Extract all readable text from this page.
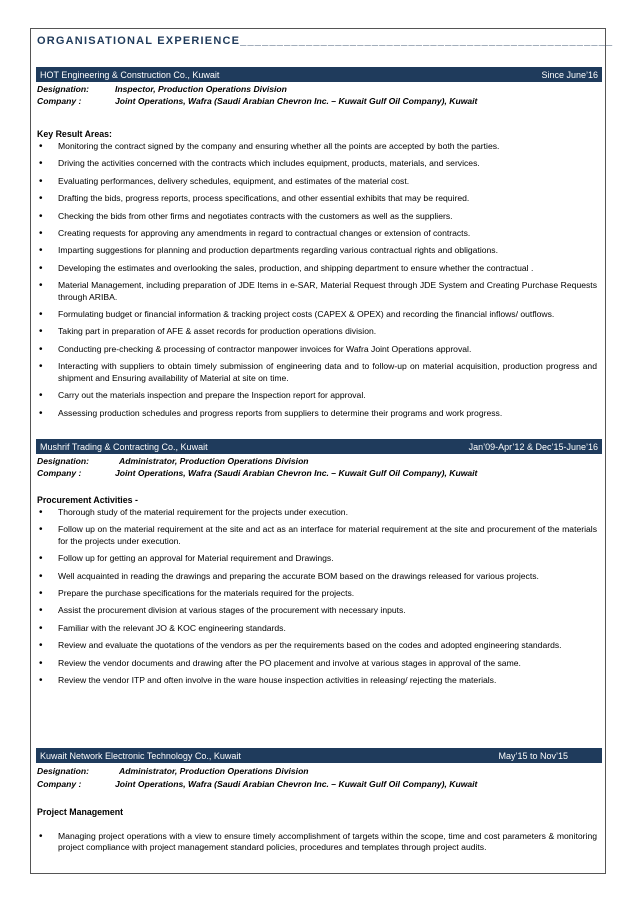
ORGANISATIONAL EXPERIENCE___________________________________________________
HOT Engineering & Construction Co., Kuwait	Since June’16
Designation:	Inspector, Production Operations Division
Company :	Joint Operations, Wafra (Saudi Arabian Chevron Inc. – Kuwait Gulf Oil Company), Kuwait
Key Result Areas:

• Monitoring the contract signed by the company and ensuring whether all the points are accepted by both the parties.

• Driving the activities concerned with the contracts which includes equipment, products, materials, and services.

• Evaluating performances, delivery schedules, equipment, and estimates of the material cost.

• Drafting the bids, progress reports, process specifications, and other essential exhibits that may be required.

• Checking the bids from other firms and negotiates contracts with the customers as well as the suppliers.

• Creating requests for approving any amendments in regard to contractual changes or extension of contracts.

• Imparting suggestions for planning and production departments regarding various contractual rights and obligations.

• Developing the estimates and overlooking the sales, production, and shipping department to ensure whether the contractual .

• Material Management, including preparation of JDE Items in e-SAR, Material Request through JDE System and Creating Purchase Requests through ARIBA.

• Formulating budget or financial information & tracking project costs (CAPEX & OPEX) and recording the financial inflows/ outflows.

• Taking part in preparation of AFE & asset records for production operations division.

• Conducting pre-checking & processing of contractor manpower invoices for Wafra Joint Operations approval.

• Interacting with suppliers to obtain timely submission of engineering data and to follow-up on material acquisition, production progress and shipment and Ensuring availability of Material at site on time.

• Carry out the materials inspection and prepare the Inspection report for approval.

• Assessing production schedules and progress reports from suppliers to determine their programs and work progress.

Mushrif Trading & Contracting Co., Kuwait	Jan’09-Apr’12 & Dec’15-June’16
Designation:	Administrator, Production Operations Division
Company :	Joint Operations, Wafra (Saudi Arabian Chevron Inc. – Kuwait Gulf Oil Company), Kuwait
Procurement Activities -

• Thorough study of the material requirement for the projects under execution.

• Follow up on the material requirement at the site and act as an interface for material requirement at the site and procurement of the materials for the projects under execution.

• Follow up for getting an approval for Material requirement and Drawings.

• Well acquainted in reading the drawings and preparing the accurate BOM based on the drawings released for various projects.

• Prepare the purchase specifications for the materials required for the projects.

• Assist the procurement division at various stages of the procurement with necessary inputs.

• Familiar with the relevant JO & KOC engineering standards.

• Review and evaluate the quotations of the vendors as per the requirements based on the codes and adopted engineering standards.

• Review the vendor documents and drawing after the PO placement and involve at various stages in approval of the same.

• Review the vendor ITP and often involve in the ware house inspection activities in releasing/ rejecting the materials.

Kuwait Network Electronic Technology Co., Kuwait	May’15 to Nov’15
Designation:	Administrator, Production Operations Division
Company :	Joint Operations, Wafra (Saudi Arabian Chevron Inc. – Kuwait Gulf Oil Company), Kuwait
Project Management

• Managing project operations with a view to ensure timely accomplishment of targets within the scope, time and cost parameters & monitoring project compliance with project management standard policies, procedures and templates through project audits.
